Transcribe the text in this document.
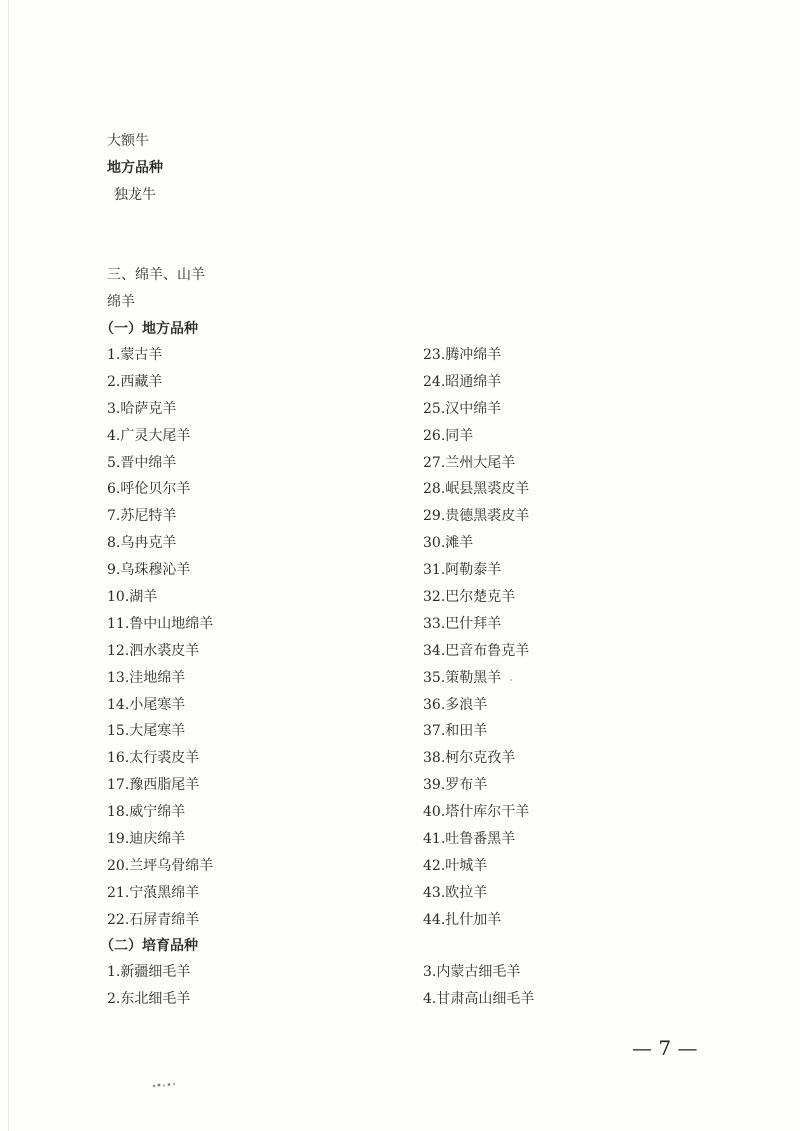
大额牛
地方品种
独龙牛
三、绵羊、山羊
绵羊
（一）地方品种
1.蒙古羊
2.西藏羊
3.哈萨克羊
4.广灵大尾羊
5.晋中绵羊
6.呼伦贝尔羊
7.苏尼特羊
8.乌冉克羊
9.乌珠穆沁羊
10.湖羊
11.鲁中山地绵羊
12.泗水裘皮羊
13.洼地绵羊
14.小尾寒羊
15.大尾寒羊
16.太行裘皮羊
17.豫西脂尾羊
18.威宁绵羊
19.迪庆绵羊
20.兰坪乌骨绵羊
21.宁蒗黑绵羊
22.石屏青绵羊
23.腾冲绵羊
24.昭通绵羊
25.汉中绵羊
26.同羊
27.兰州大尾羊
28.岷县黑裘皮羊
29.贵德黑裘皮羊
30.滩羊
31.阿勒泰羊
32.巴尔楚克羊
33.巴什拜羊
34.巴音布鲁克羊
35.策勒黑羊
36.多浪羊
37.和田羊
38.柯尔克孜羊
39.罗布羊
40.塔什库尔干羊
41.吐鲁番黑羊
42.叶城羊
43.欧拉羊
44.扎什加羊
（二）培育品种
1.新疆细毛羊	3.内蒙古细毛羊
2.东北细毛羊	4.甘肃高山细毛羊
— 7 —
